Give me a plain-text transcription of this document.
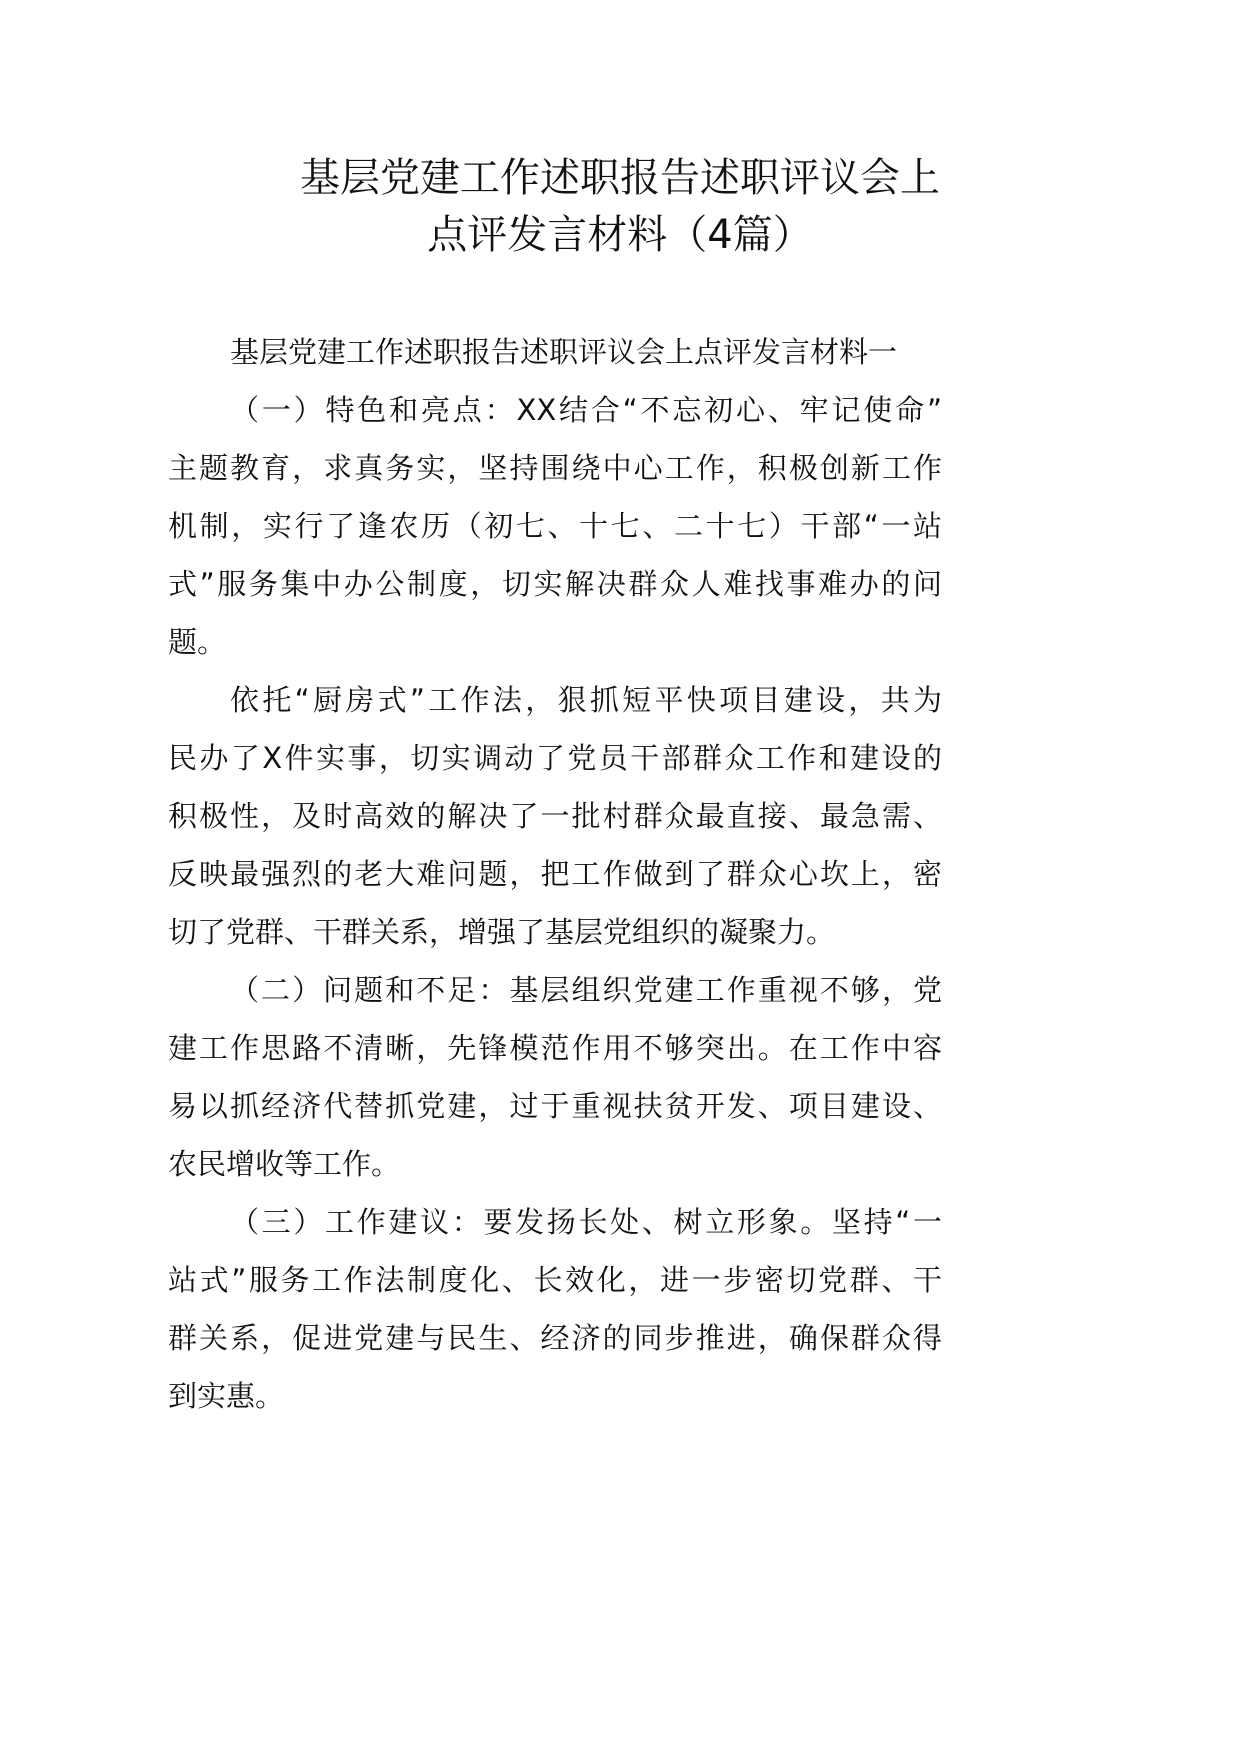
基层党建工作述职报告述职评议会上
点评发言材料（4篇）
基层党建工作述职报告述职评议会上点评发言材料一
（一）特色和亮点：XX结合“不忘初心、牢记使命”
主题教育，求真务实，坚持围绕中心工作，积极创新工作
机制，实行了逢农历（初七、十七、二十七）干部“一站
式”服务集中办公制度，切实解决群众人难找事难办的问
题。
依托“厨房式”工作法，狠抓短平快项目建设，共为
民办了X件实事，切实调动了党员干部群众工作和建设的
积极性，及时高效的解决了一批村群众最直接、最急需、
反映最强烈的老大难问题，把工作做到了群众心坎上，密
切了党群、干群关系，增强了基层党组织的凝聚力。
（二）问题和不足：基层组织党建工作重视不够，党
建工作思路不清晰，先锋模范作用不够突出。在工作中容
易以抓经济代替抓党建，过于重视扶贫开发、项目建设、
农民增收等工作。
（三）工作建议：要发扬长处、树立形象。坚持“一
站式”服务工作法制度化、长效化，进一步密切党群、干
群关系，促进党建与民生、经济的同步推进，确保群众得
到实惠。
